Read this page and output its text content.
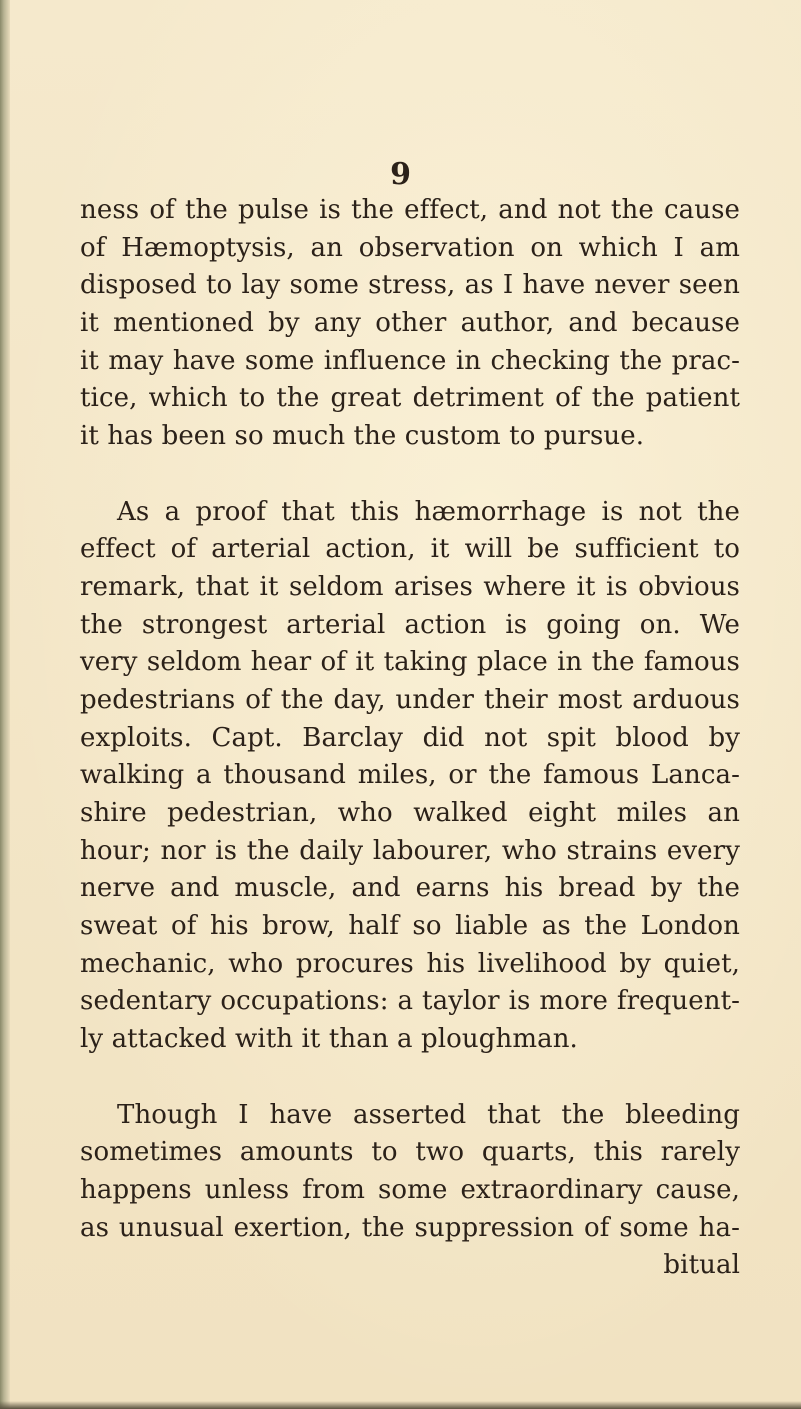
9
ness of the pulse is the effect, and not the cause
of Hæmoptysis, an observation on which I am
disposed to lay some stress, as I have never seen
it mentioned by any other author, and because
it may have some influence in checking the prac-
tice, which to the great detriment of the patient
it has been so much the custom to pursue.
As a proof that this hæmorrhage is not the
effect of arterial action, it will be sufficient to
remark, that it seldom arises where it is obvious
the strongest arterial action is going on. We
very seldom hear of it taking place in the famous
pedestrians of the day, under their most arduous
exploits. Capt. Barclay did not spit blood by
walking a thousand miles, or the famous Lanca-
shire pedestrian, who walked eight miles an
hour; nor is the daily labourer, who strains every
nerve and muscle, and earns his bread by the
sweat of his brow, half so liable as the London
mechanic, who procures his livelihood by quiet,
sedentary occupations: a taylor is more frequent-
ly attacked with it than a ploughman.
Though I have asserted that the bleeding
sometimes amounts to two quarts, this rarely
happens unless from some extraordinary cause,
as unusual exertion, the suppression of some ha-
bitual
